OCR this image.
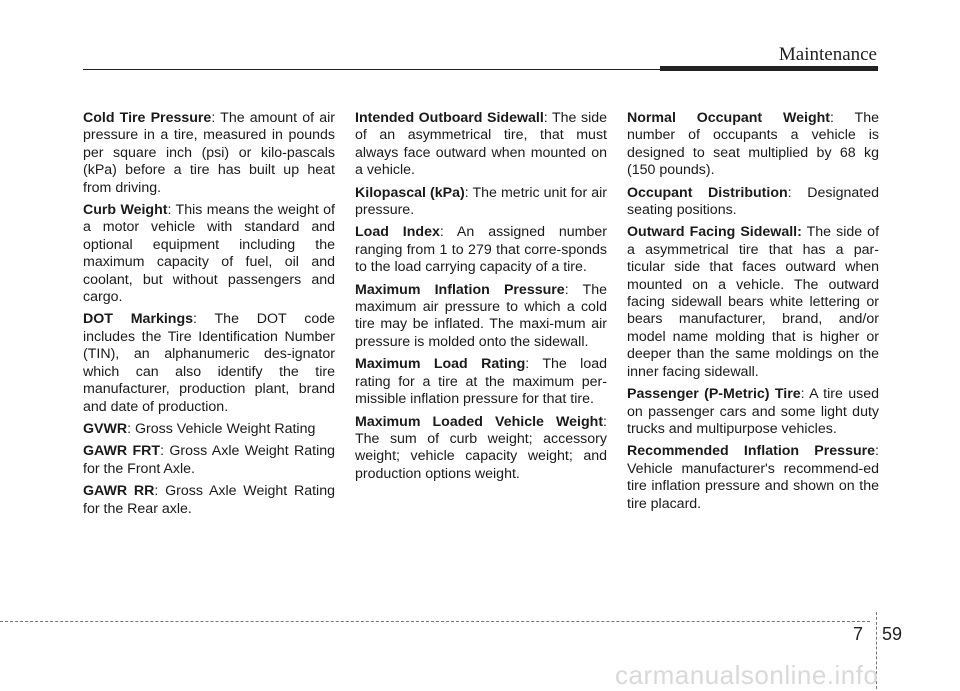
Maintenance

Cold Tire Pressure: The amount of air pressure in a tire, measured in pounds per square inch (psi) or kilo-pascals (kPa) before a tire has built up heat from driving.

Curb Weight: This means the weight of a motor vehicle with standard and optional equipment including the maximum capacity of fuel, oil and coolant, but without passengers and cargo.

DOT Markings: The DOT code includes the Tire Identification Number (TIN), an alphanumeric des-ignator which can also identify the tire manufacturer, production plant, brand and date of production.

GVWR: Gross Vehicle Weight Rating

GAWR FRT: Gross Axle Weight Rating for the Front Axle.

GAWR RR: Gross Axle Weight Rating for the Rear axle.

Intended Outboard Sidewall: The side of an asymmetrical tire, that must always face outward when mounted on a vehicle.

Kilopascal (kPa): The metric unit for air pressure.

Load Index: An assigned number ranging from 1 to 279 that corre-sponds to the load carrying capacity of a tire.

Maximum Inflation Pressure: The maximum air pressure to which a cold tire may be inflated. The maxi-mum air pressure is molded onto the sidewall.

Maximum Load Rating: The load rating for a tire at the maximum per-missible inflation pressure for that tire.

Maximum Loaded Vehicle Weight: The sum of curb weight; accessory weight; vehicle capacity weight; and production options weight.

Normal Occupant Weight: The number of occupants a vehicle is designed to seat multiplied by 68 kg (150 pounds).

Occupant Distribution: Designated seating positions.

Outward Facing Sidewall: The side of a asymmetrical tire that has a par-ticular side that faces outward when mounted on a vehicle. The outward facing sidewall bears white lettering or bears manufacturer, brand, and/or model name molding that is higher or deeper than the same moldings on the inner facing sidewall.

Passenger (P-Metric) Tire: A tire used on passenger cars and some light duty trucks and multipurpose vehicles.

Recommended Inflation Pressure: Vehicle manufacturer's recommend-ed tire inflation pressure and shown on the tire placard.

7 59
carmanualsonline.info
